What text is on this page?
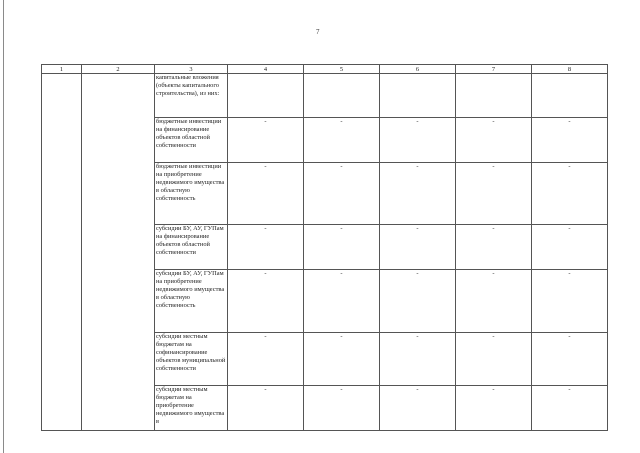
7
1	2	3	4	5	6	7	8
		капитальные вложения (объекты капитального строительства), из них:					
		бюджетные инвестиции на финансирование объектов областной собственности	-	-	-	-	-
		бюджетные инвестиции на приобретение недвижимого имущества в областную собственность	-	-	-	-	-
		субсидии БУ, АУ, ГУПам на финансирование объектов областной собственности	-	-	-	-	-
		субсидии БУ, АУ, ГУПам на приобретение недвижимого имущества в областную собственность	-	-	-	-	-
		субсидии местным бюджетам на софинансирование объектов муниципальной собственности	-	-	-	-	-
		субсидии местным бюджетам на приобретение недвижимого имущества в	-	-	-	-	-
